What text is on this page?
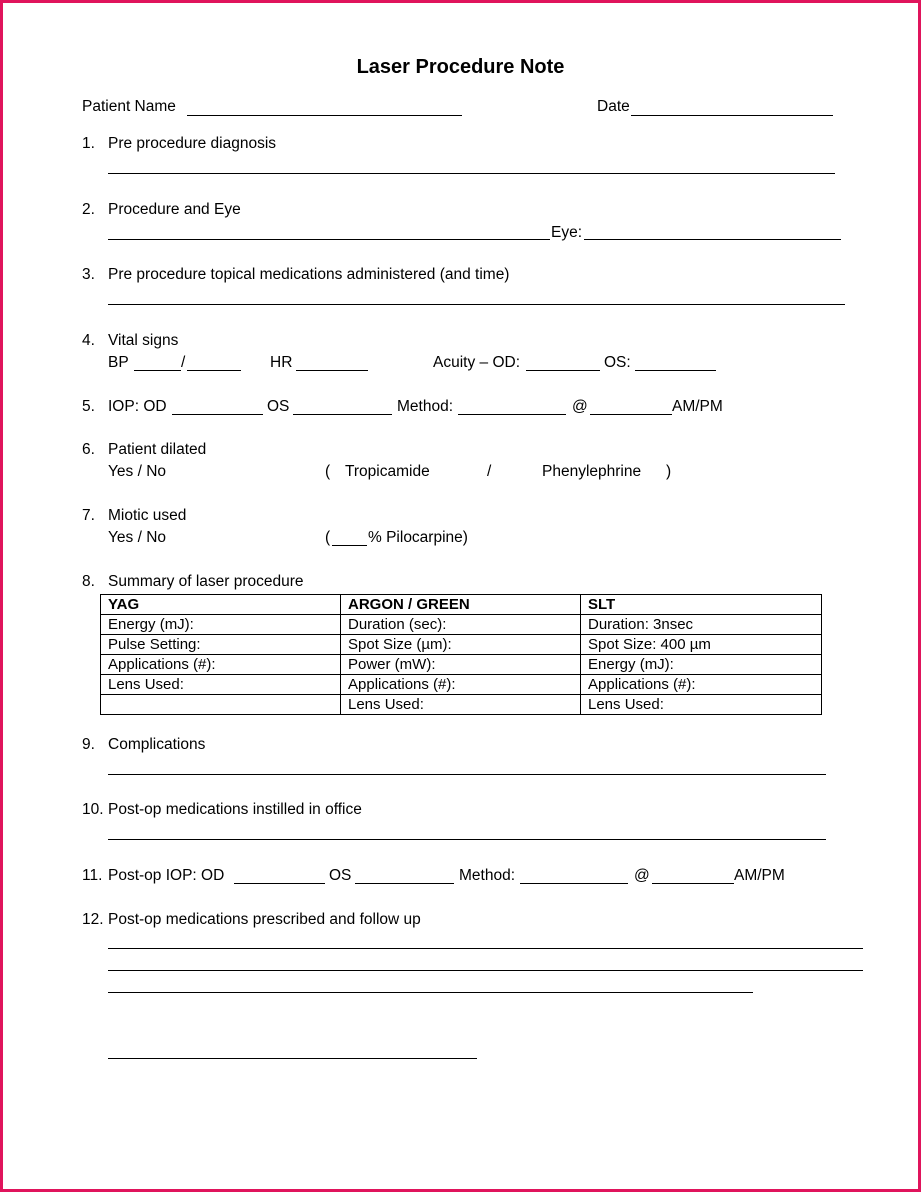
Laser Procedure Note
Patient Name	Date
1. Pre procedure diagnosis
2. Procedure and Eye
Eye:
3. Pre procedure topical medications administered (and time)
4. Vital signs
BP	/	HR	Acuity – OD:	OS:
5. IOP: OD	OS	Method:	@	AM/PM
6. Patient dilated
Yes / No	( Tropicamide	/	Phenylephrine )
7. Miotic used
Yes / No	( % Pilocarpine)
8. Summary of laser procedure
YAG	ARGON / GREEN	SLT
Energy (mJ):	Duration (sec):	Duration: 3nsec
Pulse Setting:	Spot Size (µm):	Spot Size: 400 µm
Applications (#):	Power (mW):	Energy (mJ):
Lens Used:	Applications (#):	Applications (#):
	Lens Used:	Lens Used:
9. Complications
10. Post-op medications instilled in office
11. Post-op IOP: OD	OS	Method:	@	AM/PM
12. Post-op medications prescribed and follow up
